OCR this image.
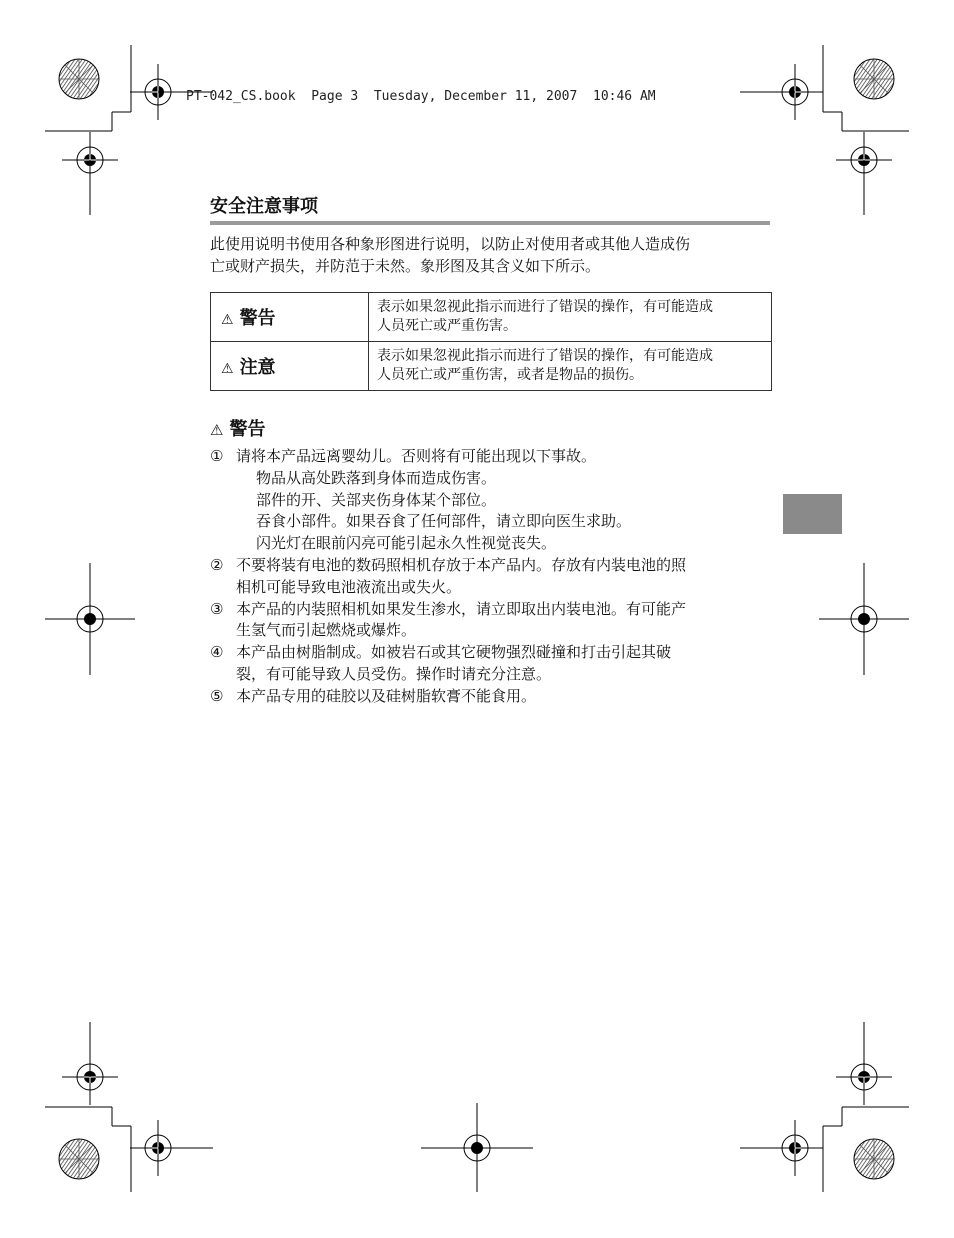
PT-042_CS.book  Page 3  Tuesday, December 11, 2007  10:46 AM
安全注意事项
此使用说明书使用各种象形图进行说明，以防止对使用者或其他人造成伤
亡或财产损失，并防范于未然。象形图及其含义如下所示。
⚠ 警告	表示如果忽视此指示而进行了错误的操作，有可能造成
人员死亡或严重伤害。

⚠ 注意	表示如果忽视此指示而进行了错误的操作，有可能造成
人员死亡或严重伤害，或者是物品的损伤。
⚠ 警告
① 请将本产品远离婴幼儿。否则将有可能出现以下事故。
物品从高处跌落到身体而造成伤害。
部件的开、关部夹伤身体某个部位。
吞食小部件。如果吞食了任何部件，请立即向医生求助。
闪光灯在眼前闪亮可能引起永久性视觉丧失。
② 不要将装有电池的数码照相机存放于本产品内。存放有内装电池的照
相机可能导致电池液流出或失火。
③ 本产品的内装照相机如果发生渗水，请立即取出内装电池。有可能产
生氢气而引起燃烧或爆炸。
④ 本产品由树脂制成。如被岩石或其它硬物强烈碰撞和打击引起其破
裂，有可能导致人员受伤。操作时请充分注意。
⑤ 本产品专用的硅胶以及硅树脂软膏不能食用。
